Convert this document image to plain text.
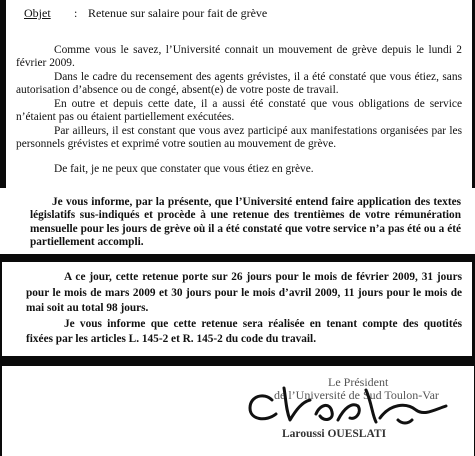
Objet	: Retenue sur salaire pour fait de grève

Comme vous le savez, l’Université connait un mouvement de grève depuis le lundi 2 février 2009.

Dans le cadre du recensement des agents grévistes, il a été constaté que vous étiez, sans autorisation d’absence ou de congé, absent(e) de votre poste de travail.

En outre et depuis cette date, il a aussi été constaté que vous obligations de service n’étaient pas ou étaient partiellement exécutées.

Par ailleurs, il est constant que vous avez participé aux manifestations organisées par les personnels grévistes et exprimé votre soutien au mouvement de grève.

De fait, je ne peux que constater que vous étiez en grève.

Je vous informe, par la présente, que l’Université entend faire application des textes législatifs sus-indiqués et procède à une retenue des trentièmes de votre rémunération mensuelle pour les jours de grève où il a été constaté que votre service n’a pas été ou a été partiellement accompli.

A ce jour, cette retenue porte sur 26 jours pour le mois de février 2009, 31 jours pour le mois de mars 2009 et 30 jours pour le mois d’avril 2009, 11 jours pour le mois de mai soit au total 98 jours.

Je vous informe que cette retenue sera réalisée en tenant compte des quotités fixées par les articles L. 145-2 et R. 145-2 du code du travail.

Le Président
de l’Université de Sud Toulon-Var
Laroussi OUESLATI
